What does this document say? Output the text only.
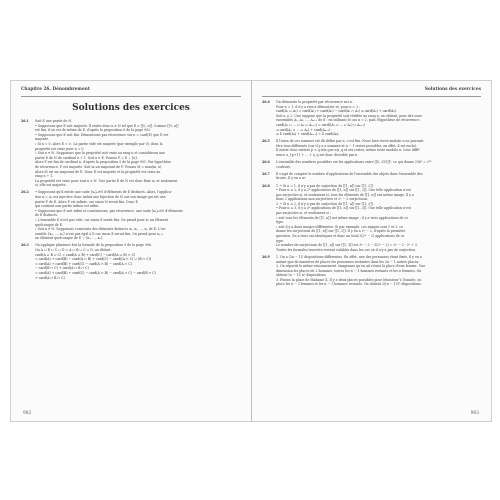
Chapitre 26. Dénombrement
Solutions des exercices
26.1	Soit E une partie de ℕ.

• Supposons que E soit majorée. Il existe donc n ∈ ℕ tel que E ⊂ [[0, n]]. Comme [[0, n]]

est fini, il en est de même de E, d'après la proposition 6 de la page 902.

• Supposons que E soit fini. Démontrons par récurrence sur n = card(E) que E est

majorée.

∘ Si n = 0, alors E = ∅. La partie vide est majorée (par exemple par 0), donc la

propriété est vraie pour n = 0.

∘ Soit n ∈ ℕ. Supposons que la propriété soit vraie au rang n et considérons une

partie E de ℕ de cardinal n + 1. Soit x ∈ E. Posons F = E ∖ {x}.

Alors F est fini de cardinal n, d'après la proposition 5 de la page 901. Par hypothèse

de récurrence, F est majorée. Soit m un majorant de F. Posons M = max(m, x).

Alors M est un majorant de E. Donc E est majorée et la propriété est vraie au

rang n + 1.

La propriété est vraie pour tout n ∈ ℕ. Une partie E de ℕ est donc finie si, et seulement

si, elle est majorée.

26.2	• Supposons qu'il existe une suite (xₙ)ₙ∈ℕ d'éléments de E distincts. Alors, l'applica-

tion n ↦ xₙ est injective donc induit une bijection de ℕ sur son image qui est une

partie F de E. Alors F est infinie, car sinon ℕ serait fini. Donc E

qui contient une partie infinie est infini.

• Supposons que E soit infini et construisons, par récurrence, une suite (xₙ)ₙ∈ℕ d'éléments

de E distincts.

∘ L'ensemble E n'est pas vide, car sinon il serait fini. On prend pour x₀ un élément

quelconque de E.

∘ Soit n ∈ ℕ. Supposons construits des éléments distincts x₀, x₁, …, xₙ de E. L'en-

semble {x₀, …, xₙ} n'est pas égal à E car sinon E serait fini. On prend pour xₙ₊₁

un élément quelconque de E ∖ {x₀, …, xₙ}.

26.3	On applique plusieurs fois la formule de la proposition 9 de la page 906.

On A ∪ B ∪ C ∪ D = A ∪ B ∪ C ∪ D, on déduit :

card(A ∪ B ∪ C) = card(A ∪ B) + card(C) − card((A ∪ B) ∩ C)

= card(A) + card(B) − card(A ∩ B) + card(C) − card((A ∩ C) ∪ (B ∩ C))

= card(A) + card(B) + card(C) − card(A ∩ B) − card(A ∩ C)

− card(B ∩ C) + card(A ∩ B ∩ C)

= card(A) + card(B) + card(C) − card(A ∩ B) − card(A ∩ C) − card(B ∩ C)

+ card(A ∩ B ∩ C)

902
Solutions des exercices
26.4	On démontre la propriété par récurrence sur n.

Pour n = 1, il n'y a rien à démontrer et, pour n = 2 :

card(A₁ ∪ A₂) = card(A₁) + card(A₂) − card(A₁ ∩ A₂) ≤ card(A₁) + card(A₂).

Soit n ≥ 2. Une suppose que la propriété soit vérifiée au rang n, on obtient, pour des sous-

ensembles A₁, A₂, …, Aₙ₊₁ de E : en utilisant le cas n = 2, puis l'hypothèse de récurrence :

card(A₁ ∪ ⋯ ∪ Aₙ ∪ Aₙ₊₁) = card((A₁ ∪ ⋯ ∪ Aₙ) ∪ Aₙ₊₁)

≤ card(A₁ ∪ ⋯ ∪ Aₙ) + card(Aₙ₊₁)

≤ Σ card(Aₖ) + card(Aₙ₊₁) = Σ card(Aₖ).

26.5	Il l'aura de ces sommes est dû défini par n, c'est fini. Nous bien versé modulo n ne pouvant

être tous différents (car il y a n sommes et n − 1 restes possibles, en effet, il est exclu).

Il existe donc entiers p < q tels que n|s_q et ses restes, même reste modulo n. Leur diffé-

rence a_{p+1} + … + a_q est donc divisible par n.

26.6	L'ensemble des nombres possibles est les applications entre [[0, 255]]³, ce qui donne 256³ = 2²⁴

couleurs.

26.7	Il s'agit de compter le nombre d'applications de l'ensemble des objets dans l'ensemble des

tiroirs. Il y en a nᵖ.

26.8	1. • Si n = 1, il n'y a pas de surjection de [[1, n]] sur [[1, 2]].

• Pour n ≥ 2, il y a 2ⁿ applications de [[1, n]] sur [[1, 2]]. Une telle application n'est

pas surjective si, et seulement si, tous les éléments de [[1, n]] ont même image. Il y a

donc 2 applications non surjectives et 2ⁿ − 2 surjections.

2. • Si n ≤ 2, il n'y a pas de surjection de [[1, n]] sur [[1, 3]].

• Pour n ≥ 3, il y a 3ⁿ applications de [[1, n]] sur [[1, 3]]. Une telle application n'est

pas surjective si, et seulement si :

∘ soit tous les éléments de [[1, n]] ont même image ; il y a trois applications de ce

type.

∘ soit il y a deux images différentes. Si par exemple, ces images sont 1 et 2, ce

donne les surjections de [[1, n]] sur [[1, 2]]. Il y en a 2ⁿ − 2, d'après la première

question. On a trois cas identiques et donc au total 3(2ⁿ − 2) applications de ce

type.

Le nombre de surjections de [[1, n]] sur [[1, 3]] est 3ⁿ − 3 − 3(2ⁿ − 2) = 3ⁿ − 3 · 2ⁿ + 3.

Toutes les formules trouvées restent valables dans les cas où il n'y a pas de surjection.

26.9	1. On a (2n − 1)! dispositions différentes. En effet, une des personnes étant fixée, il y en a

autant que de manières de placer les personnes restantes dans les 2n − 1 autres places.

2. On répartit le même raisonnement. Imaginons qu'on ait réussi la place d'une femme. Une

dimension les places de 2 hommes, toutes les n − 1 hommes restants et les n femmes. On

obtient (n − 1)! n! dispositions.

3. Fixons la place de Madame X. Il y a deux places possibles pour Monsieur Y. Ensuite, on

place les n − 1 femmes et les n − 1 hommes restants. On obtient 2((n − 1)!)² dispositions.

903
